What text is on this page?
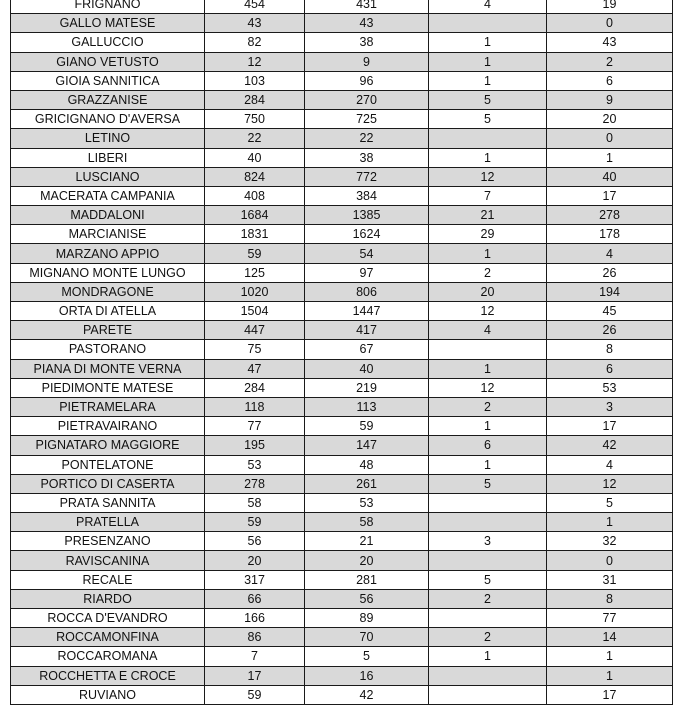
FRIGNANO	454	431	4	19
GALLO MATESE	43	43		0
GALLUCCIO	82	38	1	43
GIANO VETUSTO	12	9	1	2
GIOIA SANNITICA	103	96	1	6
GRAZZANISE	284	270	5	9
GRICIGNANO D'AVERSA	750	725	5	20
LETINO	22	22		0
LIBERI	40	38	1	1
LUSCIANO	824	772	12	40
MACERATA CAMPANIA	408	384	7	17
MADDALONI	1684	1385	21	278
MARCIANISE	1831	1624	29	178
MARZANO APPIO	59	54	1	4
MIGNANO MONTE LUNGO	125	97	2	26
MONDRAGONE	1020	806	20	194
ORTA DI ATELLA	1504	1447	12	45
PARETE	447	417	4	26
PASTORANO	75	67		8
PIANA DI MONTE VERNA	47	40	1	6
PIEDIMONTE MATESE	284	219	12	53
PIETRAMELARA	118	113	2	3
PIETRAVAIRANO	77	59	1	17
PIGNATARO MAGGIORE	195	147	6	42
PONTELATONE	53	48	1	4
PORTICO DI CASERTA	278	261	5	12
PRATA SANNITA	58	53		5
PRATELLA	59	58		1
PRESENZANO	56	21	3	32
RAVISCANINA	20	20		0
RECALE	317	281	5	31
RIARDO	66	56	2	8
ROCCA D'EVANDRO	166	89		77
ROCCAMONFINA	86	70	2	14
ROCCAROMANA	7	5	1	1
ROCCHETTA E CROCE	17	16		1
RUVIANO	59	42		17
